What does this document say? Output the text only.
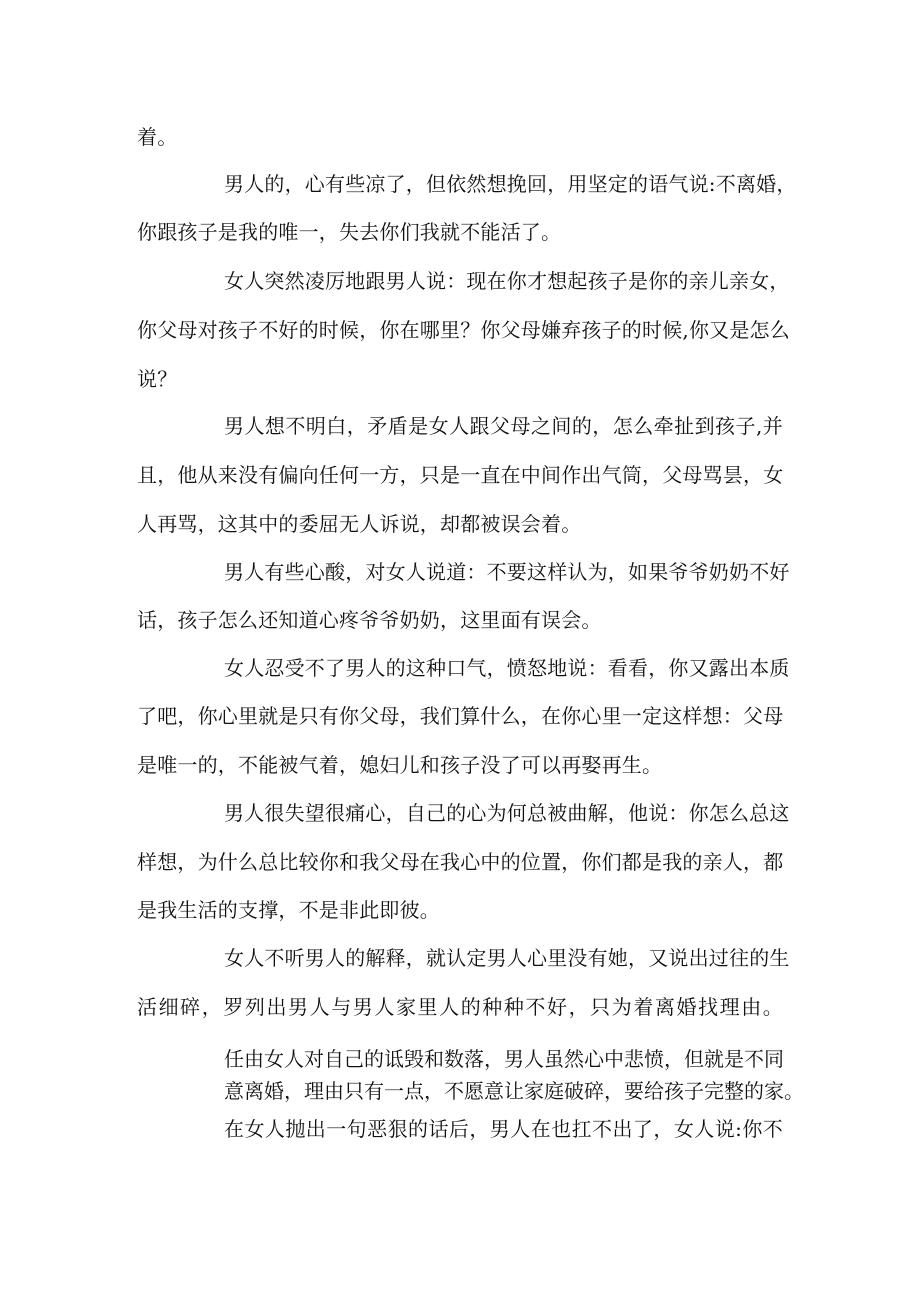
着。

男人的，心有些凉了，但依然想挽回，用坚定的语气说:不离婚，

你跟孩子是我的唯一，失去你们我就不能活了。

女人突然凌厉地跟男人说：现在你才想起孩子是你的亲儿亲女，

你父母对孩子不好的时候，你在哪里？你父母嫌弃孩子的时候,你又是怎么

说？

男人想不明白，矛盾是女人跟父母之间的，怎么牵扯到孩子,并

且，他从来没有偏向任何一方，只是一直在中间作出气筒，父母骂昙，女

人再骂，这其中的委屈无人诉说，却都被误会着。

男人有些心酸，对女人说道：不要这样认为，如果爷爷奶奶不好

话，孩子怎么还知道心疼爷爷奶奶，这里面有误会。

女人忍受不了男人的这种口气，愤怒地说：看看，你又露出本质

了吧，你心里就是只有你父母，我们算什么，在你心里一定这样想：父母

是唯一的，不能被气着，媳妇儿和孩子没了可以再娶再生。

男人很失望很痛心，自己的心为何总被曲解，他说：你怎么总这

样想，为什么总比较你和我父母在我心中的位置，你们都是我的亲人，都

是我生活的支撑，不是非此即彼。

女人不听男人的解释，就认定男人心里没有她，又说出过往的生

活细碎，罗列出男人与男人家里人的种种不好，只为着离婚找理由。

任由女人对自己的诋毁和数落，男人虽然心中悲愤，但就是不同
意离婚，理由只有一点，不愿意让家庭破碎，要给孩子完整的家。

在女人抛出一句恶狠的话后，男人在也扛不出了，女人说:你不
